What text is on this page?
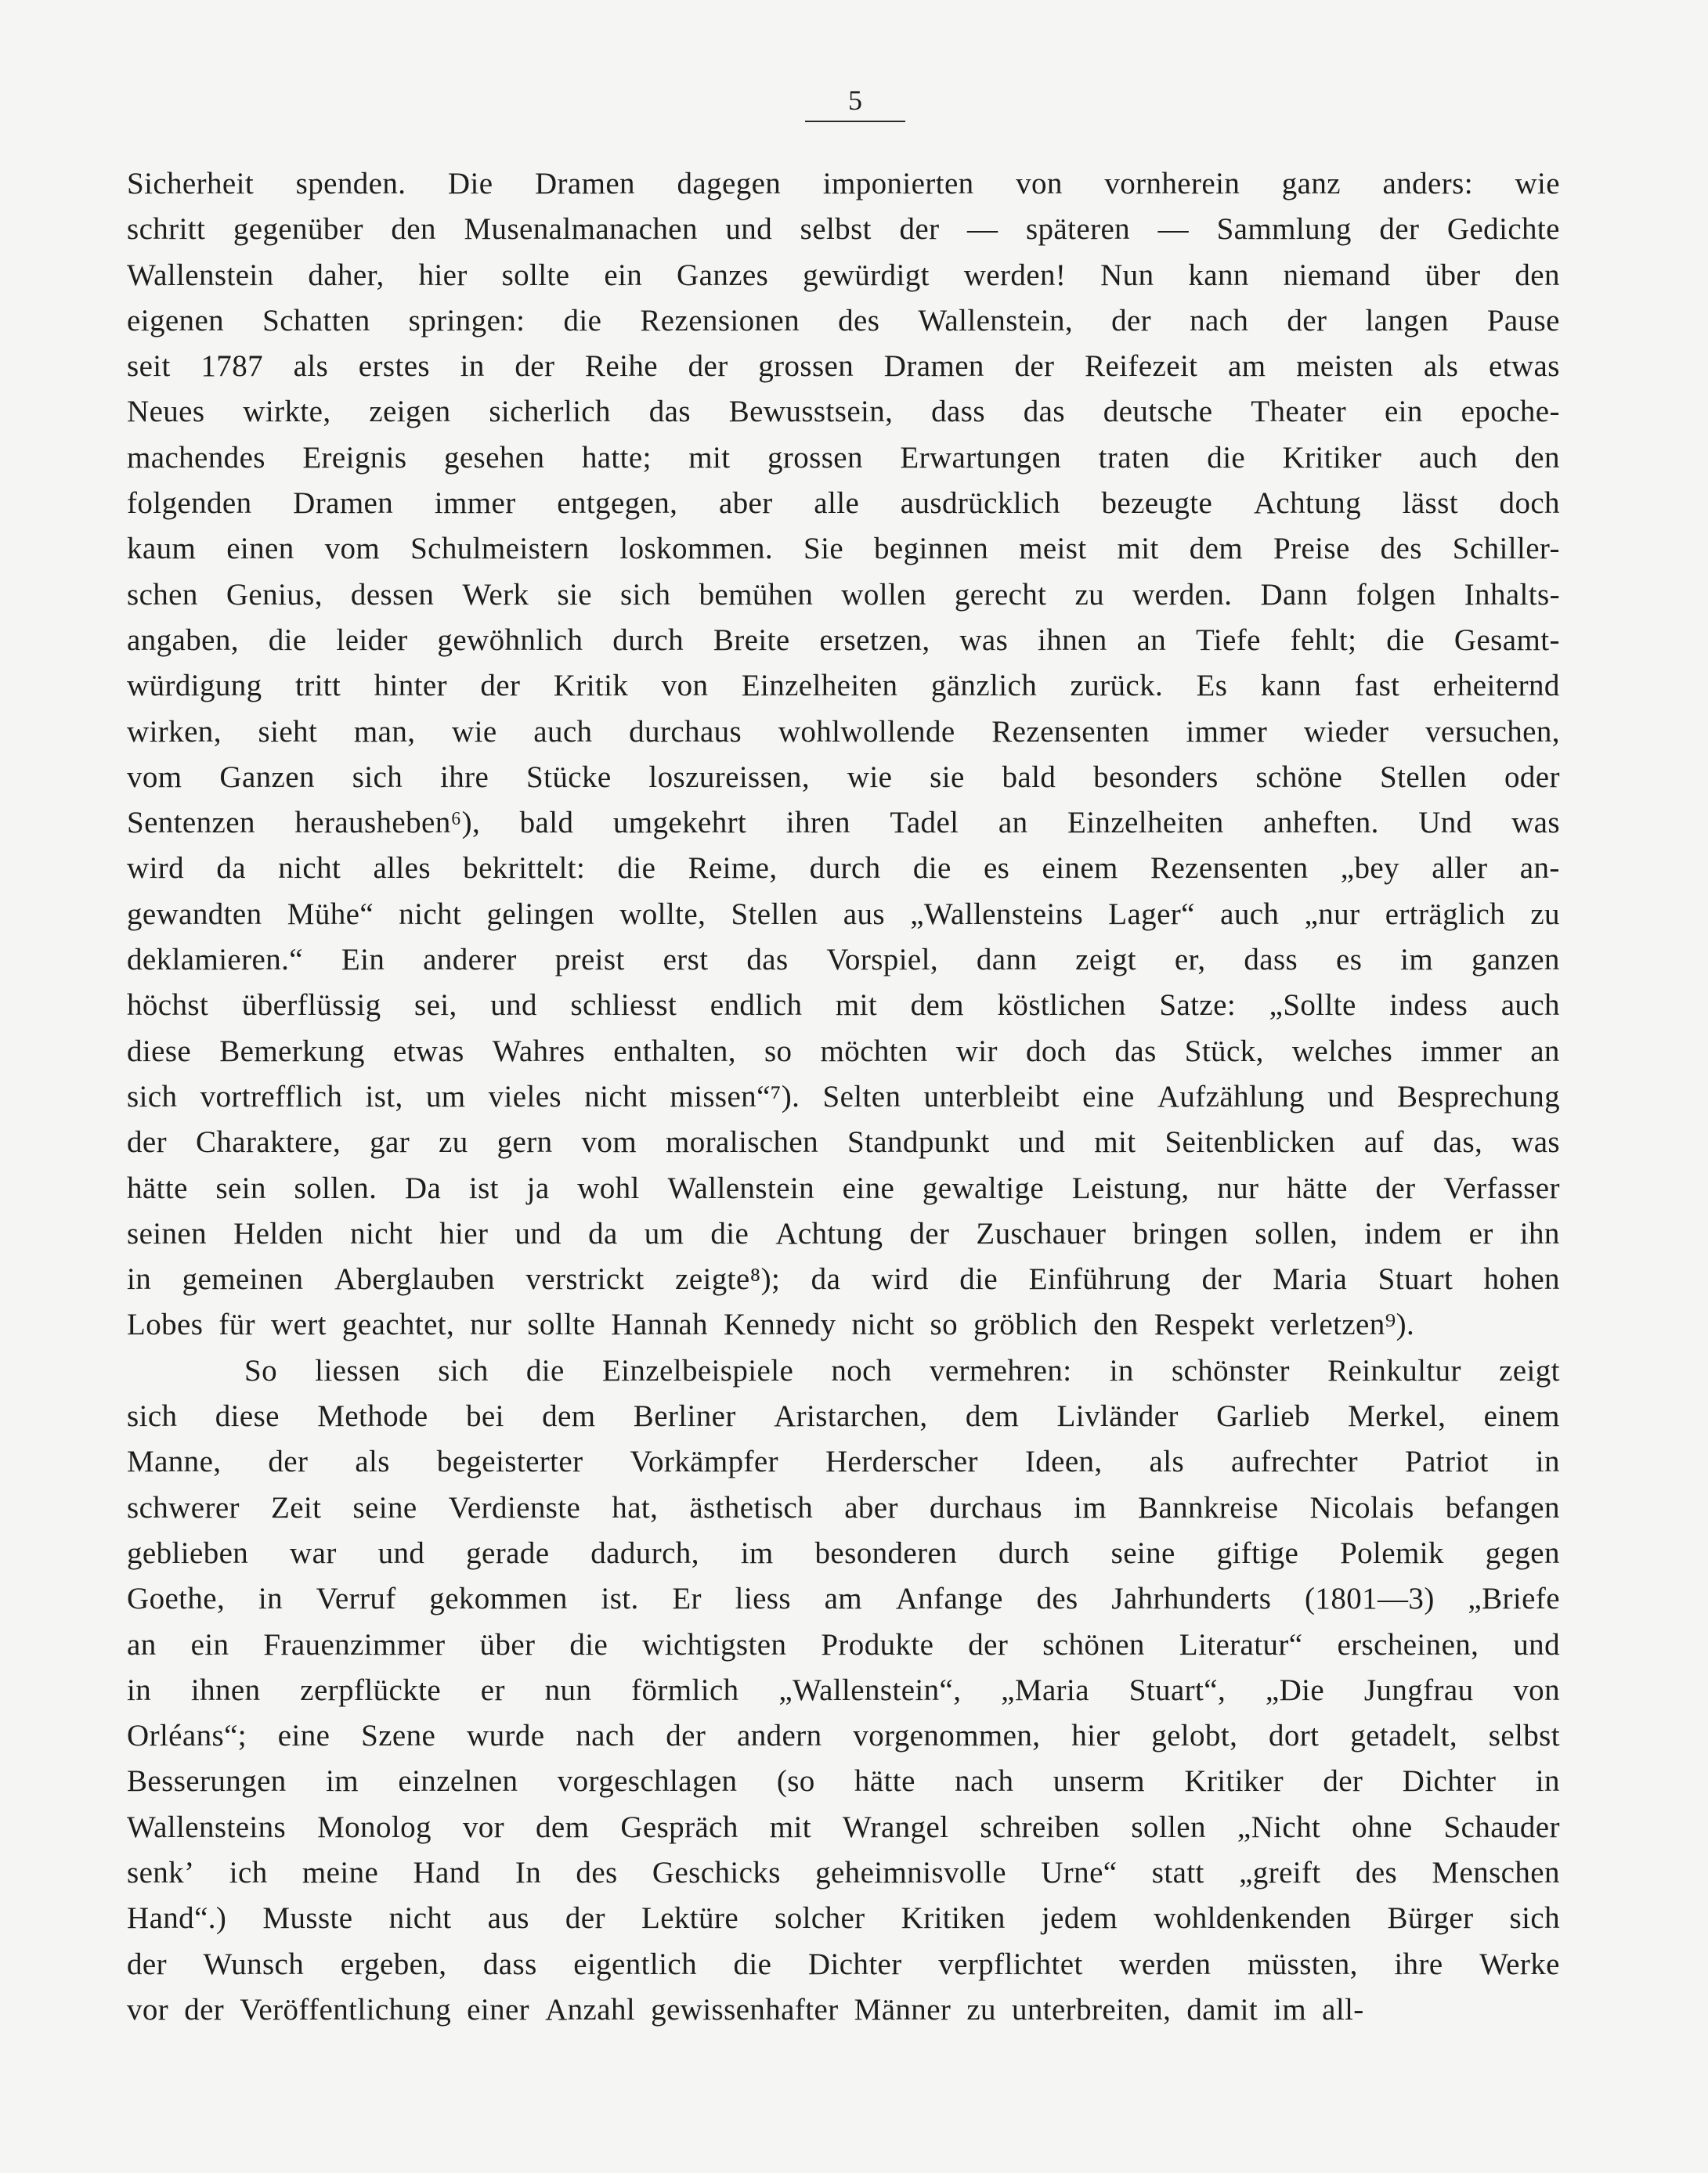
5
Sicherheit spenden. Die Dramen dagegen imponierten von vornherein ganz anders: wie
schritt gegenüber den Musenalmanachen und selbst der — späteren — Sammlung der Gedichte
Wallenstein daher, hier sollte ein Ganzes gewürdigt werden! Nun kann niemand über den
eigenen Schatten springen: die Rezensionen des Wallenstein, der nach der langen Pause
seit 1787 als erstes in der Reihe der grossen Dramen der Reifezeit am meisten als etwas
Neues wirkte, zeigen sicherlich das Bewusstsein, dass das deutsche Theater ein epoche-
machendes Ereignis gesehen hatte; mit grossen Erwartungen traten die Kritiker auch den
folgenden Dramen immer entgegen, aber alle ausdrücklich bezeugte Achtung lässt doch
kaum einen vom Schulmeistern loskommen. Sie beginnen meist mit dem Preise des Schiller-
schen Genius, dessen Werk sie sich bemühen wollen gerecht zu werden. Dann folgen Inhalts-
angaben, die leider gewöhnlich durch Breite ersetzen, was ihnen an Tiefe fehlt; die Gesamt-
würdigung tritt hinter der Kritik von Einzelheiten gänzlich zurück. Es kann fast erheiternd
wirken, sieht man, wie auch durchaus wohlwollende Rezensenten immer wieder versuchen,
vom Ganzen sich ihre Stücke loszureissen, wie sie bald besonders schöne Stellen oder
Sentenzen herausheben⁶), bald umgekehrt ihren Tadel an Einzelheiten anheften. Und was
wird da nicht alles bekrittelt: die Reime, durch die es einem Rezensenten „bey aller an-
gewandten Mühe“ nicht gelingen wollte, Stellen aus „Wallensteins Lager“ auch „nur erträglich zu
deklamieren.“ Ein anderer preist erst das Vorspiel, dann zeigt er, dass es im ganzen
höchst überflüssig sei, und schliesst endlich mit dem köstlichen Satze: „Sollte indess auch
diese Bemerkung etwas Wahres enthalten, so möchten wir doch das Stück, welches immer an
sich vortrefflich ist, um vieles nicht missen“⁷). Selten unterbleibt eine Aufzählung und Besprechung
der Charaktere, gar zu gern vom moralischen Standpunkt und mit Seitenblicken auf das, was
hätte sein sollen. Da ist ja wohl Wallenstein eine gewaltige Leistung, nur hätte der Verfasser
seinen Helden nicht hier und da um die Achtung der Zuschauer bringen sollen, indem er ihn
in gemeinen Aberglauben verstrickt zeigte⁸); da wird die Einführung der Maria Stuart hohen
Lobes für wert geachtet, nur sollte Hannah Kennedy nicht so gröblich den Respekt verletzen⁹).
So liessen sich die Einzelbeispiele noch vermehren: in schönster Reinkultur zeigt
sich diese Methode bei dem Berliner Aristarchen, dem Livländer Garlieb Merkel, einem
Manne, der als begeisterter Vorkämpfer Herderscher Ideen, als aufrechter Patriot in
schwerer Zeit seine Verdienste hat, ästhetisch aber durchaus im Bannkreise Nicolais befangen
geblieben war und gerade dadurch, im besonderen durch seine giftige Polemik gegen
Goethe, in Verruf gekommen ist. Er liess am Anfange des Jahrhunderts (1801—3) „Briefe
an ein Frauenzimmer über die wichtigsten Produkte der schönen Literatur“ erscheinen, und
in ihnen zerpflückte er nun förmlich „Wallenstein“, „Maria Stuart“, „Die Jungfrau von
Orléans“; eine Szene wurde nach der andern vorgenommen, hier gelobt, dort getadelt, selbst
Besserungen im einzelnen vorgeschlagen (so hätte nach unserm Kritiker der Dichter in
Wallensteins Monolog vor dem Gespräch mit Wrangel schreiben sollen „Nicht ohne Schauder
senk’ ich meine Hand In des Geschicks geheimnisvolle Urne“ statt „greift des Menschen
Hand“.) Musste nicht aus der Lektüre solcher Kritiken jedem wohldenkenden Bürger sich
der Wunsch ergeben, dass eigentlich die Dichter verpflichtet werden müssten, ihre Werke
vor der Veröffentlichung einer Anzahl gewissenhafter Männer zu unterbreiten, damit im all-
